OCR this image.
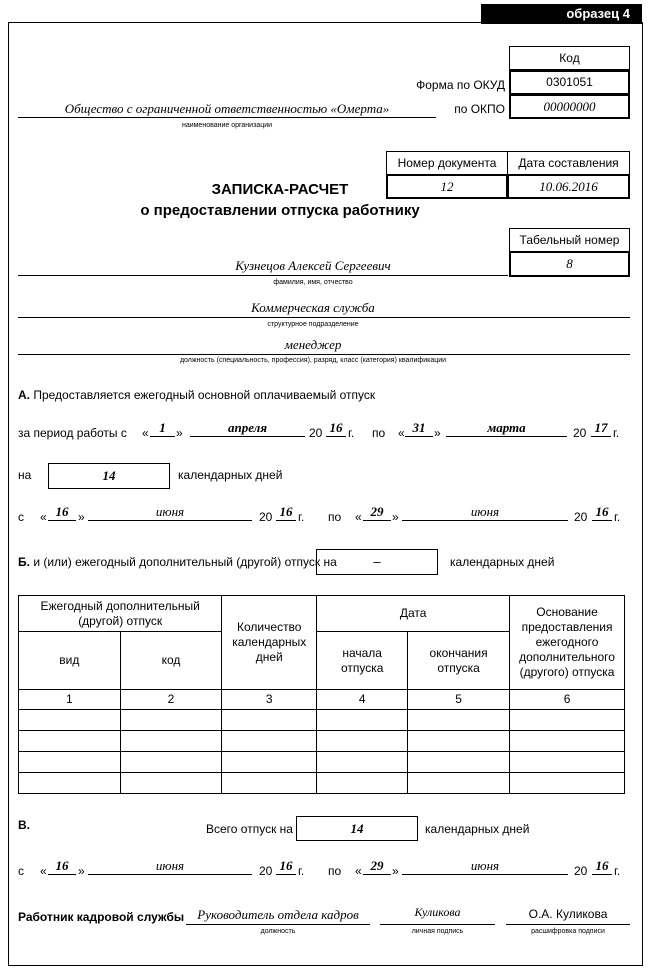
образец 4
Код
Форма по ОКУД	0301051
по ОКПО	00000000
Общество с ограниченной ответственностью «Омерта»
наименование организации
Номер документа	Дата составления
12	10.06.2016
ЗАПИСКА-РАСЧЕТ
о предоставлении отпуска работнику
Табельный номер
8
Кузнецов Алексей Сергеевич
фамилия, имя, отчество
Коммерческая служба
структурное подразделение
менеджер
должность (специальность, профессия), разряд, класс (категория) квалификации
А. Предоставляется ежегодный основной оплачиваемый отпуск
за период работы с « 1 »	апреля	20 16 г. по « 31 »	марта	20 17 г.
на	14	календарных дней
с « 16 »	июня	20 16 г. по « 29 »	июня	20 16 г.
Б. и (или) ежегодный дополнительный (другой) отпуск на	–	календарных дней
Ежегодный дополнительный (другой) отпуск		Количество календарных дней	Дата		Основание предоставления ежегодного дополнительного (другого) отпуска
вид	код		начала отпуска	окончания отпуска	
1	2	3	4	5	6

В.	Всего отпуск на	14	календарных дней
с « 16 »	июня	20 16 г. по « 29 »	июня	20 16 г.
Работник кадровой службы	Руководитель отдела кадров
должность
Куликова
личная подпись
О.А. Куликова
расшифровка подписи
